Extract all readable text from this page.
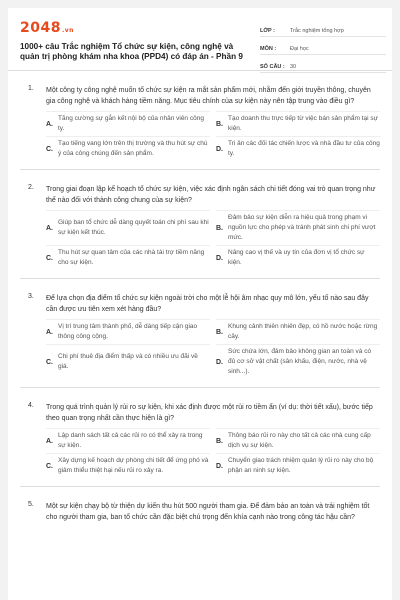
2048.vn
1000+ câu Trắc nghiệm Tổ chức sự kiện, công nghệ và quản trị phòng khám nha khoa (PPD4) có đáp án - Phần 9
LỚP :	Trắc nghiệm tổng hợp
MÔN :	Đại học
SỐ CÂU : 30
1. Một công ty công nghệ muốn tổ chức sự kiện ra mắt sản phẩm mới, nhằm đến giới truyền thông, chuyên gia công nghệ và khách hàng tiềm năng. Mục tiêu chính của sự kiện này nên tập trung vào điều gì?
A.
Tăng cường sự gắn kết nội bộ của nhân viên công ty.
B.
Tạo doanh thu trực tiếp từ việc bán sản phẩm tại sự kiện.
C.
Tạo tiếng vang lớn trên thị trường và thu hút sự chú ý của công chúng đến sản phẩm.
D.
Tri ân các đối tác chiến lược và nhà đầu tư của công ty.
2. Trong giai đoạn lập kế hoạch tổ chức sự kiện, việc xác định ngân sách chi tiết đóng vai trò quan trọng như thế nào đối với thành công chung của sự kiện?
A.
Giúp ban tổ chức dễ dàng quyết toán chi phí sau khi sự kiện kết thúc.
B.
Đảm bảo sự kiện diễn ra hiệu quả trong phạm vi nguồn lực cho phép và tránh phát sinh chi phí vượt mức.
C.
Thu hút sự quan tâm của các nhà tài trợ tiềm năng cho sự kiện.
D.
Nâng cao vị thế và uy tín của đơn vị tổ chức sự kiện.
3. Để lựa chọn địa điểm tổ chức sự kiện ngoài trời cho một lễ hội âm nhạc quy mô lớn, yếu tố nào sau đây cần được ưu tiên xem xét hàng đầu?
A.
Vị trí trung tâm thành phố, dễ dàng tiếp cận giao thông công cộng.
B.
Khung cảnh thiên nhiên đẹp, có hồ nước hoặc rừng cây.
C.
Chi phí thuê địa điểm thấp và có nhiều ưu đãi về giá.
D.
Sức chứa lớn, đảm bảo không gian an toàn và có đủ cơ sở vật chất (sân khấu, điện, nước, nhà vệ sinh...).
4. Trong quá trình quản lý rủi ro sự kiện, khi xác định được một rủi ro tiềm ẩn (ví dụ: thời tiết xấu), bước tiếp theo quan trọng nhất cần thực hiện là gì?
A.
Lập danh sách tất cả các rủi ro có thể xảy ra trong sự kiện.
B.
Thông báo rủi ro này cho tất cả các nhà cung cấp dịch vụ sự kiện.
C.
Xây dựng kế hoạch dự phòng chi tiết để ứng phó và giảm thiểu thiệt hại nếu rủi ro xảy ra.
D.
Chuyển giao trách nhiệm quản lý rủi ro này cho bộ phận an ninh sự kiện.
5. Một sự kiện chạy bộ từ thiện dự kiến thu hút 500 người tham gia. Để đảm bảo an toàn và trải nghiệm tốt cho người tham gia, ban tổ chức cần đặc biệt chú trọng đến khía cạnh nào trong công tác hậu cần?
